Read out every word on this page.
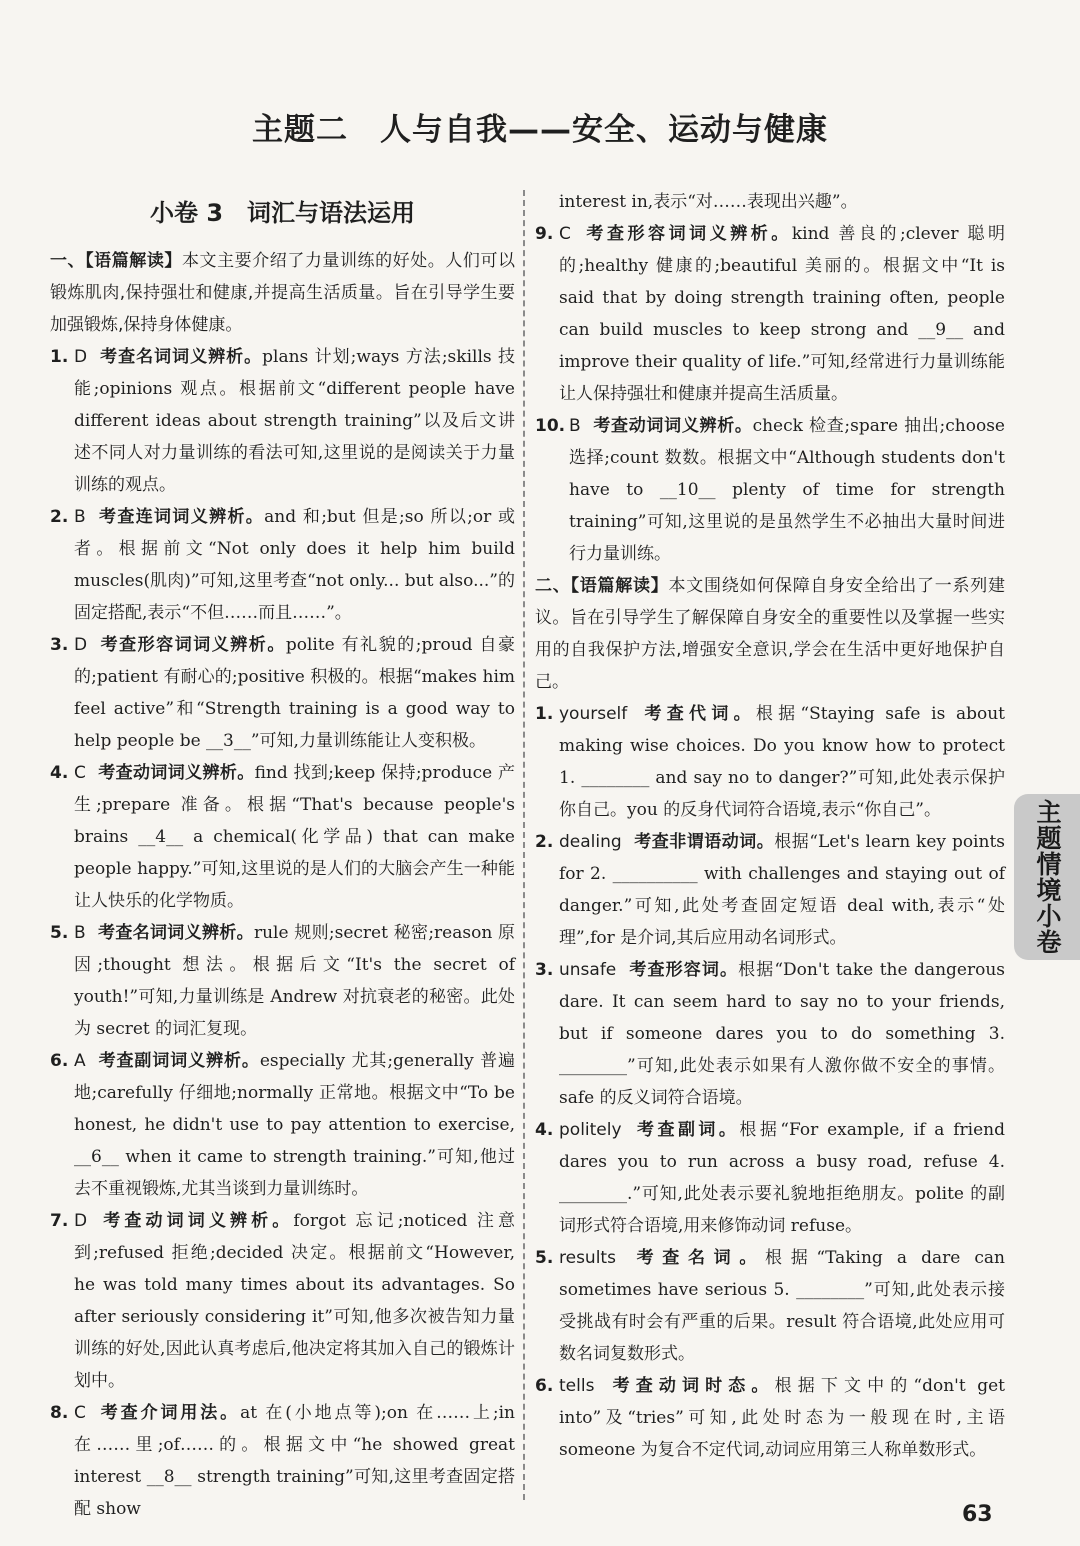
主题二　人与自我——安全、运动与健康
小卷 3　词汇与语法运用
一、【语篇解读】本文主要介绍了力量训练的好处。人们可以锻炼肌肉,保持强壮和健康,并提高生活质量。旨在引导学生要加强锻炼,保持身体健康。
1. D 考查名词词义辨析。plans 计划;ways 方法;skills 技能;opinions 观点。根据前文“different people have different ideas about strength training”以及后文讲述不同人对力量训练的看法可知,这里说的是阅读关于力量训练的观点。
2. B 考查连词词义辨析。and 和;but 但是;so 所以;or 或者。根据前文“Not only does it help him build muscles(肌肉)”可知,这里考查“not only... but also...”的固定搭配,表示“不但……而且……”。
3. D 考查形容词词义辨析。polite 有礼貌的;proud 自豪的;patient 有耐心的;positive 积极的。根据“makes him feel active”和“Strength training is a good way to help people be __3__”可知,力量训练能让人变积极。
4. C 考查动词词义辨析。find 找到;keep 保持;produce 产生;prepare 准备。根据“That's because people's brains __4__ a chemical(化学品) that can make people happy.”可知,这里说的是人们的大脑会产生一种能让人快乐的化学物质。
5. B 考查名词词义辨析。rule 规则;secret 秘密;reason 原因;thought 想法。根据后文“It's the secret of youth!”可知,力量训练是 Andrew 对抗衰老的秘密。此处为 secret 的词汇复现。
6. A 考查副词词义辨析。especially 尤其;generally 普遍地;carefully 仔细地;normally 正常地。根据文中“To be honest, he didn't use to pay attention to exercise, __6__ when it came to strength training.”可知,他过去不重视锻炼,尤其当谈到力量训练时。
7. D 考查动词词义辨析。forgot 忘记;noticed 注意到;refused 拒绝;decided 决定。根据前文“However, he was told many times about its advantages. So after seriously considering it”可知,他多次被告知力量训练的好处,因此认真考虑后,他决定将其加入自己的锻炼计划中。
8. C 考查介词用法。at 在(小地点等);on 在……上;in 在……里;of……的。根据文中“he showed great interest __8__ strength training”可知,这里考查固定搭配 show
interest in,表示“对……表现出兴趣”。
9. C 考查形容词词义辨析。kind 善良的;clever 聪明的;healthy 健康的;beautiful 美丽的。根据文中“It is said that by doing strength training often, people can build muscles to keep strong and __9__ and improve their quality of life.”可知,经常进行力量训练能让人保持强壮和健康并提高生活质量。
10. B 考查动词词义辨析。check 检查;spare 抽出;choose 选择;count 数数。根据文中“Although students don't have to __10__ plenty of time for strength training”可知,这里说的是虽然学生不必抽出大量时间进行力量训练。
二、【语篇解读】本文围绕如何保障自身安全给出了一系列建议。旨在引导学生了解保障自身安全的重要性以及掌握一些实用的自我保护方法,增强安全意识,学会在生活中更好地保护自己。
1. yourself 考查代词。根据“Staying safe is about making wise choices. Do you know how to protect 1. ________ and say no to danger?”可知,此处表示保护你自己。you 的反身代词符合语境,表示“你自己”。
2. dealing 考查非谓语动词。根据“Let's learn key points for 2. __________ with challenges and staying out of danger.”可知,此处考查固定短语 deal with,表示“处理”,for 是介词,其后应用动名词形式。
3. unsafe 考查形容词。根据“Don't take the dangerous dare. It can seem hard to say no to your friends, but if someone dares you to do something 3. ________”可知,此处表示如果有人激你做不安全的事情。safe 的反义词符合语境。
4. politely 考查副词。根据“For example, if a friend dares you to run across a busy road, refuse 4. ________.”可知,此处表示要礼貌地拒绝朋友。polite 的副词形式符合语境,用来修饰动词 refuse。
5. results 考查名词。根据“Taking a dare can sometimes have serious 5. ________”可知,此处表示接受挑战有时会有严重的后果。result 符合语境,此处应用可数名词复数形式。
6. tells 考查动词时态。根据下文中的“don't get into”及“tries”可知,此处时态为一般现在时,主语 someone 为复合不定代词,动词应用第三人称单数形式。
主题情境小卷
63
